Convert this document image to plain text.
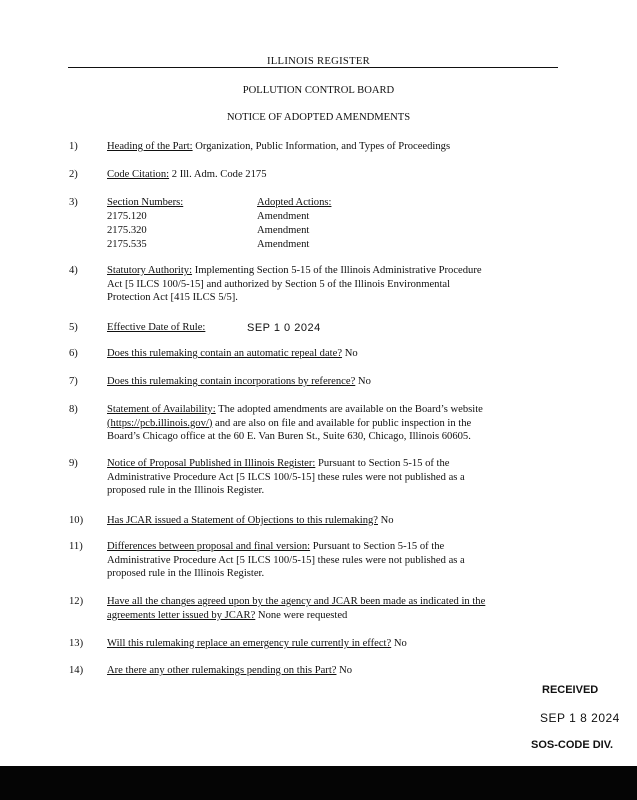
ILLINOIS REGISTER
POLLUTION CONTROL BOARD
NOTICE OF ADOPTED AMENDMENTS
1)	Heading of the Part: Organization, Public Information, and Types of Proceedings
2)	Code Citation: 2 Ill. Adm. Code 2175
3)	Section Numbers:	Adopted Actions:
2175.120	Amendment
2175.320	Amendment
2175.535	Amendment
4)	Statutory Authority: Implementing Section 5-15 of the Illinois Administrative Procedure
Act [5 ILCS 100/5-15] and authorized by Section 5 of the Illinois Environmental
Protection Act [415 ILCS 5/5].
5)	Effective Date of Rule:	SEP 1 0 2024
6)	Does this rulemaking contain an automatic repeal date? No
7)	Does this rulemaking contain incorporations by reference? No
8)	Statement of Availability: The adopted amendments are available on the Board’s website
(https://pcb.illinois.gov/) and are also on file and available for public inspection in the
Board’s Chicago office at the 60 E. Van Buren St., Suite 630, Chicago, Illinois 60605.
9)	Notice of Proposal Published in Illinois Register: Pursuant to Section 5-15 of the
Administrative Procedure Act [5 ILCS 100/5-15] these rules were not published as a
proposed rule in the Illinois Register.
10) Has JCAR issued a Statement of Objections to this rulemaking? No
11) Differences between proposal and final version: Pursuant to Section 5-15 of the
Administrative Procedure Act [5 ILCS 100/5-15] these rules were not published as a
proposed rule in the Illinois Register.
12) Have all the changes agreed upon by the agency and JCAR been made as indicated in the
agreements letter issued by JCAR? None were requested
13) Will this rulemaking replace an emergency rule currently in effect? No
14) Are there any other rulemakings pending on this Part? No
RECEIVED
SEP 1 8 2024
SOS-CODE DIV.
